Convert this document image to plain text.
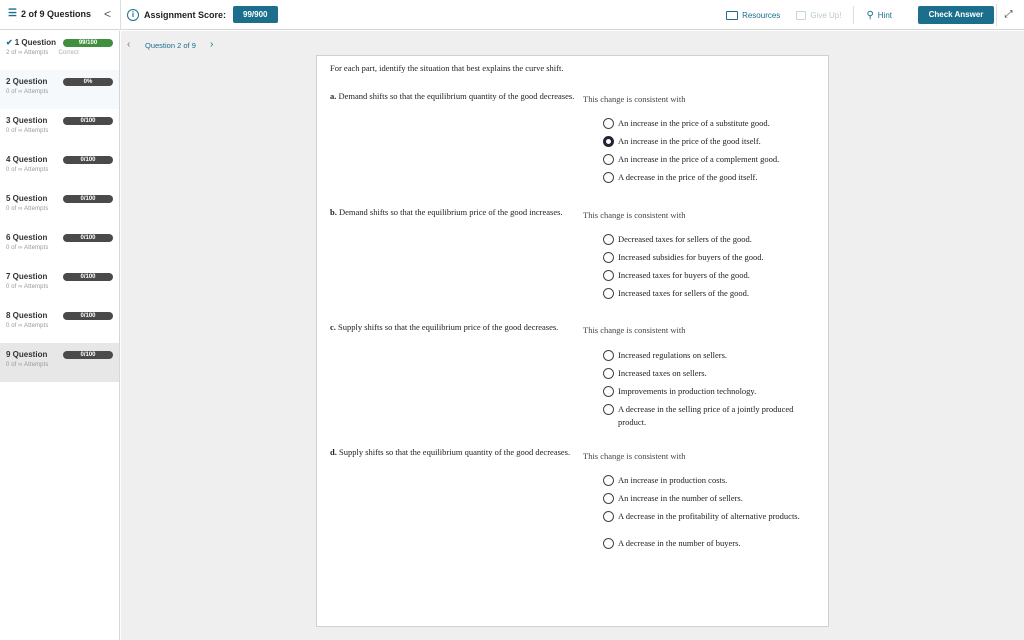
☰ 2 of 9 Questions <	i	Assignment Score:	99/900	Resources	Give Up!	⚲ Hint	Check Answer	⤢
✔ 1 Question
2 of ∞ Attempts Correct
99/100
2 Question
0 of ∞ Attempts
0%
3 Question
0 of ∞ Attempts
0/100
4 Question
0 of ∞ Attempts
0/100
5 Question
0 of ∞ Attempts
0/100
6 Question
0 of ∞ Attempts
0/100
7 Question
0 of ∞ Attempts
0/100
8 Question
0 of ∞ Attempts
0/100
9 Question
0 of ∞ Attempts
0/100
‹ Question 2 of 9 ›
For each part, identify the situation that best explains the curve shift.
a. Demand shifts so that the equilibrium quantity of the good decreases. This change is consistent with
An increase in the price of a substitute good.
An increase in the price of the good itself.
An increase in the price of a complement good.
A decrease in the price of the good itself.
b. Demand shifts so that the equilibrium price of the good increases.	This change is consistent with
Decreased taxes for sellers of the good.
Increased subsidies for buyers of the good.
Increased taxes for buyers of the good.
Increased taxes for sellers of the good.
c. Supply shifts so that the equilibrium price of the good decreases.	This change is consistent with
Increased regulations on sellers.
Increased taxes on sellers.
Improvements in production technology.
A decrease in the selling price of a jointly produced product.
d. Supply shifts so that the equilibrium quantity of the good decreases.	This change is consistent with
An increase in production costs.
An increase in the number of sellers.
A decrease in the profitability of alternative products.
A decrease in the number of buyers.
